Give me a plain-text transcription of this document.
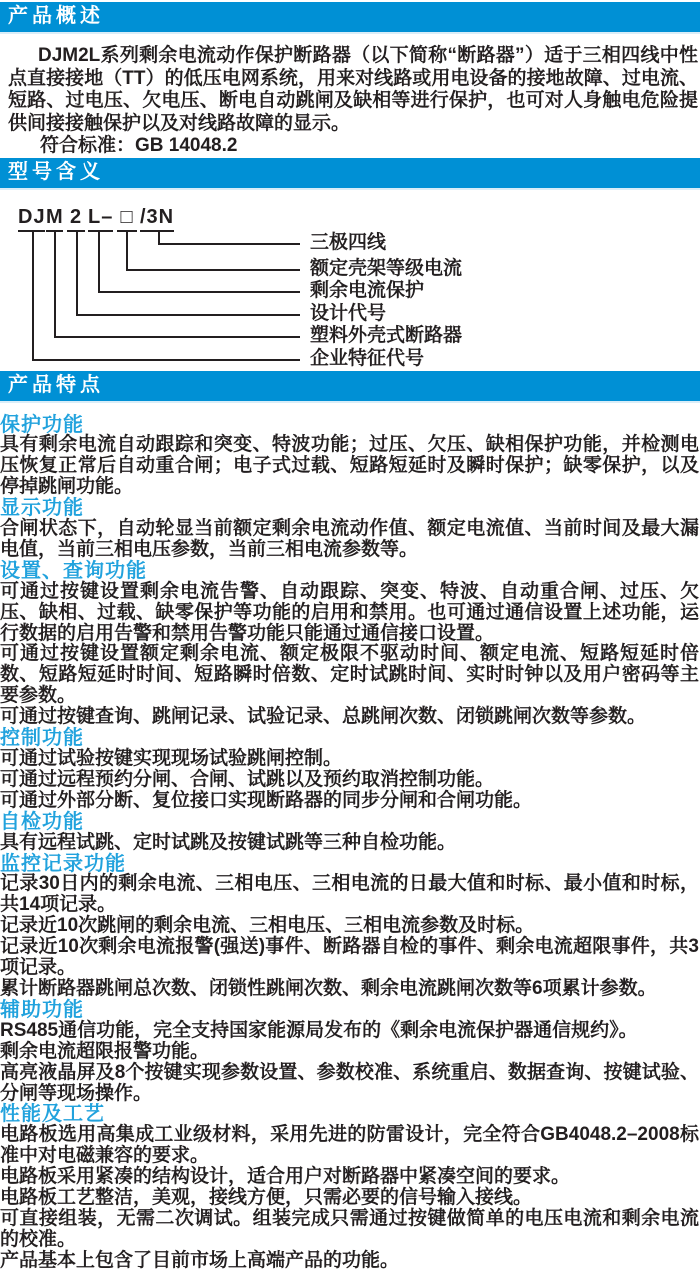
产品概述

DJM2L系列剩余电流动作保护断路器（以下简称“断路器”）适于三相四线中性点直接接地（TT）的低压电网系统，用来对线路或用电设备的接地故障、过电流、短路、过电压、欠电压、断电自动跳闸及缺相等进行保护，也可对人身触电危险提供间接接触保护以及对线路故障的显示。

符合标准：GB 14048.2

型号含义
DJ M 2 L– □ /3N
三极四线
额定壳架等级电流
剩余电流保护
设计代号
塑料外壳式断路器
企业特征代号
产品特点
保护功能

具有剩余电流自动跟踪和突变、特波功能；过压、欠压、缺相保护功能，并检测电压恢复正常后自动重合闸；电子式过载、短路短延时及瞬时保护；缺零保护，以及停掉跳闸功能。

显示功能

合闸状态下，自动轮显当前额定剩余电流动作值、额定电流值、当前时间及最大漏电值，当前三相电压参数，当前三相电流参数等。

设置、查询功能

可通过按键设置剩余电流告警、自动跟踪、突变、特波、自动重合闸、过压、欠压、缺相、过载、缺零保护等功能的启用和禁用。也可通过通信设置上述功能，运行数据的启用告警和禁用告警功能只能通过通信接口设置。

可通过按键设置额定剩余电流、额定极限不驱动时间、额定电流、短路短延时倍数、短路短延时时间、短路瞬时倍数、定时试跳时间、实时时钟以及用户密码等主要参数。

可通过按键查询、跳闸记录、试验记录、总跳闸次数、闭锁跳闸次数等参数。

控制功能

可通过试验按键实现现场试验跳闸控制。

可通过远程预约分闸、合闸、试跳以及预约取消控制功能。

可通过外部分断、复位接口实现断路器的同步分闸和合闸功能。

自检功能

具有远程试跳、定时试跳及按键试跳等三种自检功能。

监控记录功能

记录30日内的剩余电流、三相电压、三相电流的日最大值和时标、最小值和时标，共14项记录。

记录近10次跳闸的剩余电流、三相电压、三相电流参数及时标。

记录近10次剩余电流报警(强送)事件、断路器自检的事件、剩余电流超限事件，共3项记录。

累计断路器跳闸总次数、闭锁性跳闸次数、剩余电流跳闸次数等6项累计参数。

辅助功能

RS485通信功能，完全支持国家能源局发布的《剩余电流保护器通信规约》。

剩余电流超限报警功能。

高亮液晶屏及8个按键实现参数设置、参数校准、系统重启、数据查询、按键试验、分闸等现场操作。

性能及工艺

电路板选用高集成工业级材料，采用先进的防雷设计，完全符合GB4048.2–2008标准中对电磁兼容的要求。

电路板采用紧凑的结构设计，适合用户对断路器中紧凑空间的要求。

电路板工艺整洁，美观，接线方便，只需必要的信号输入接线。

可直接组装，无需二次调试。组装完成只需通过按键做简单的电压电流和剩余电流的校准。

产品基本上包含了目前市场上高端产品的功能。
